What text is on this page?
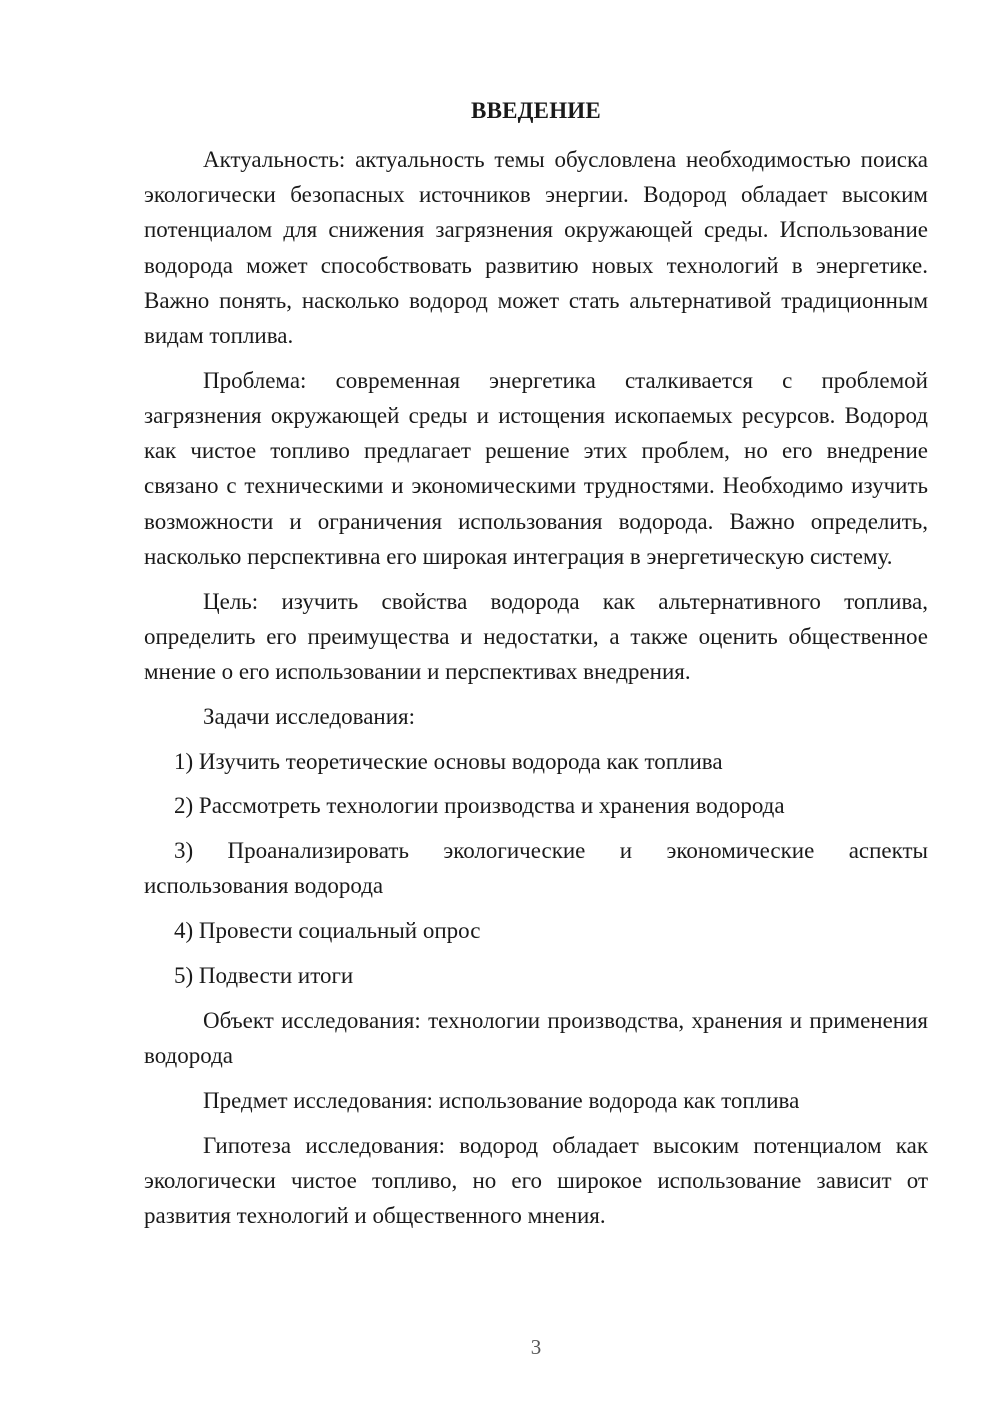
ВВЕДЕНИЕ

Актуальность: актуальность темы обусловлена необходимостью поиска экологически безопасных источников энергии. Водород обладает высоким потенциалом для снижения загрязнения окружающей среды. Использование водорода может способствовать развитию новых технологий в энергетике. Важно понять, насколько водород может стать альтернативой традиционным видам топлива.

Проблема: современная энергетика сталкивается с проблемой загрязнения окружающей среды и истощения ископаемых ресурсов. Водород как чистое топливо предлагает решение этих проблем, но его внедрение связано с техническими и экономическими трудностями. Необходимо изучить возможности и ограничения использования водорода. Важно определить, насколько перспективна его широкая интеграция в энергетическую систему.

Цель: изучить свойства водорода как альтернативного топлива, определить его преимущества и недостатки, а также оценить общественное мнение о его использовании и перспективах внедрения.

Задачи исследования:

1) Изучить теоретические основы водорода как топлива

2) Рассмотреть технологии производства и хранения водорода

3) Проанализировать экологические и экономические аспекты использования водорода

4) Провести социальный опрос

5) Подвести итоги

Объект исследования: технологии производства, хранения и применения водорода

Предмет исследования: использование водорода как топлива

Гипотеза исследования: водород обладает высоким потенциалом как экологически чистое топливо, но его широкое использование зависит от развития технологий и общественного мнения.

3
